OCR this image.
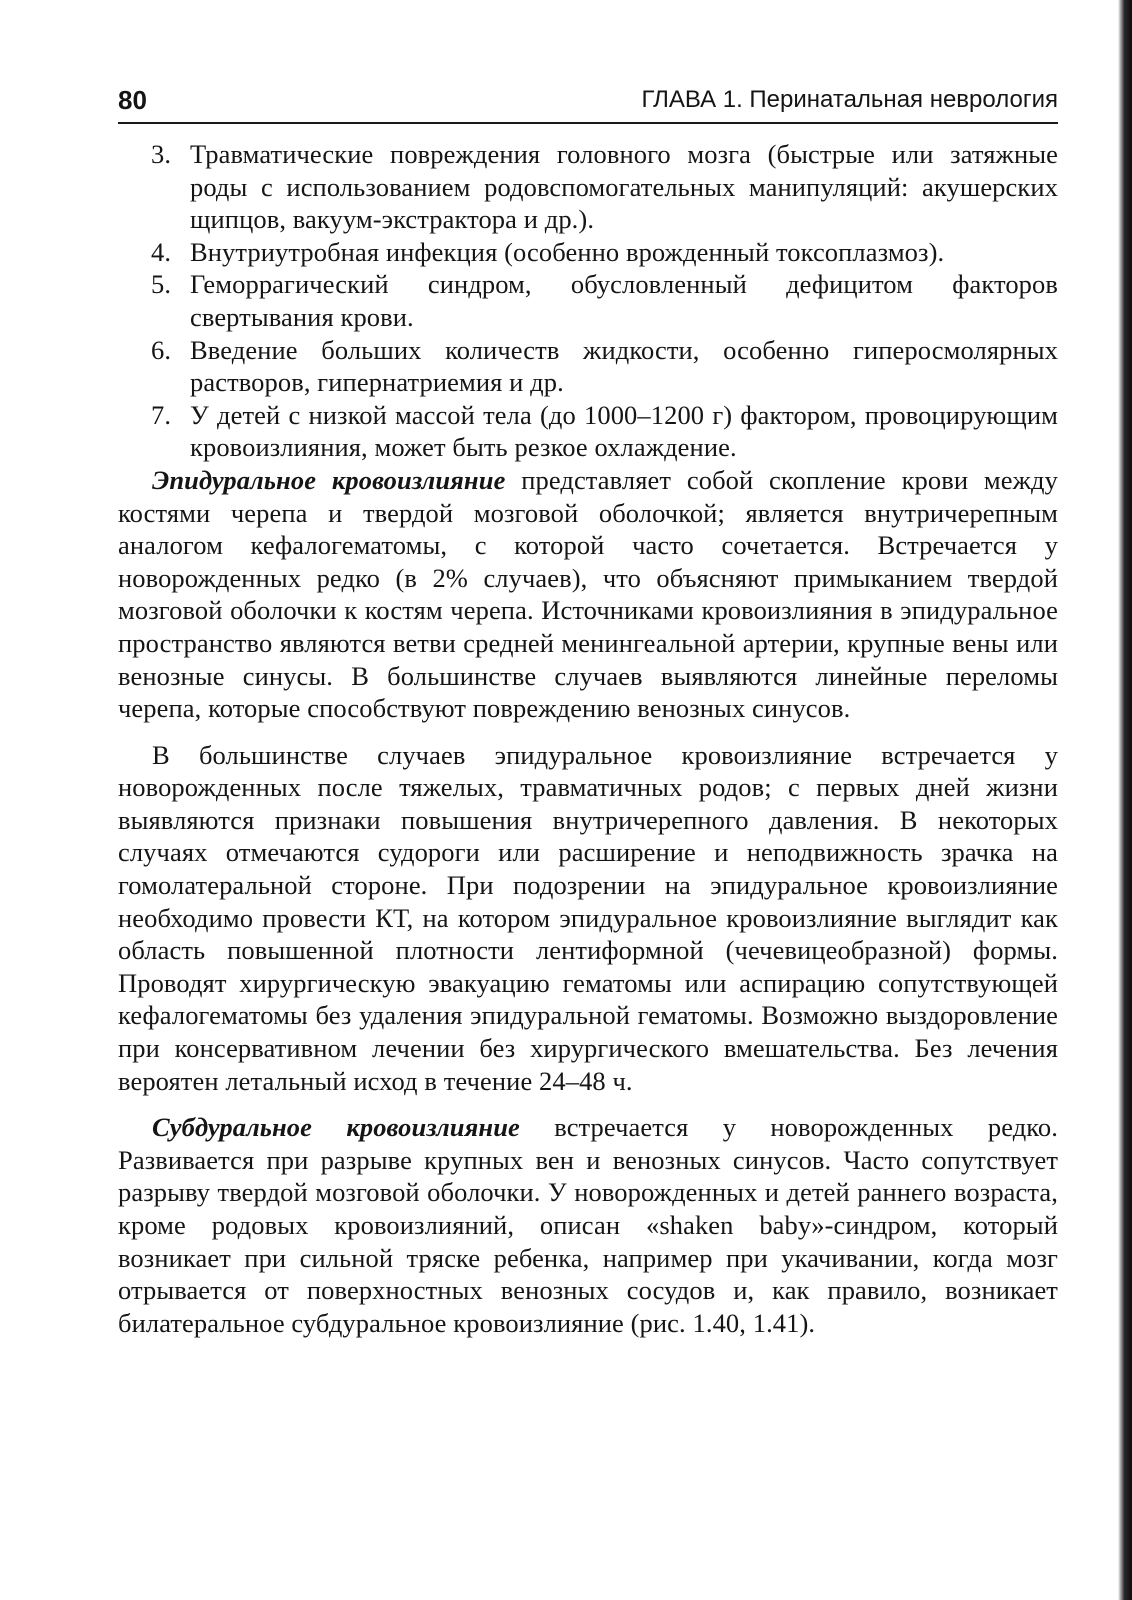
80	ГЛАВА 1. Перинатальная неврология
3. Травматические повреждения головного мозга (быстрые или затяжные роды с использованием родовспомогательных манипуляций: акушерских щипцов, вакуум-экстрактора и др.).
4. Внутриутробная инфекция (особенно врожденный токсоплазмоз).
5. Геморрагический синдром, обусловленный дефицитом факторов свертывания крови.
6. Введение больших количеств жидкости, особенно гиперосмолярных растворов, гипернатриемия и др.
7. У детей с низкой массой тела (до 1000–1200 г) фактором, провоцирующим кровоизлияния, может быть резкое охлаждение.

Эпидуральное кровоизлияние представляет собой скопление крови между костями черепа и твердой мозговой оболочкой; является внутричерепным аналогом кефалогематомы, с которой часто сочетается. Встречается у новорожденных редко (в 2% случаев), что объясняют примыканием твердой мозговой оболочки к костям черепа. Источниками кровоизлияния в эпидуральное пространство являются ветви средней менингеальной артерии, крупные вены или венозные синусы. В большинстве случаев выявляются линейные переломы черепа, которые способствуют повреждению венозных синусов.

В большинстве случаев эпидуральное кровоизлияние встречается у новорожденных после тяжелых, травматичных родов; с первых дней жизни выявляются признаки повышения внутричерепного давления. В некоторых случаях отмечаются судороги или расширение и неподвижность зрачка на гомолатеральной стороне. При подозрении на эпидуральное кровоизлияние необходимо провести КТ, на котором эпидуральное кровоизлияние выглядит как область повышенной плотности лентиформной (чечевицеобразной) формы. Проводят хирургическую эвакуацию гематомы или аспирацию сопутствующей кефалогематомы без удаления эпидуральной гематомы. Возможно выздоровление при консервативном лечении без хирургического вмешательства. Без лечения вероятен летальный исход в течение 24–48 ч.

Субдуральное кровоизлияние встречается у новорожденных редко. Развивается при разрыве крупных вен и венозных синусов. Часто сопутствует разрыву твердой мозговой оболочки. У новорожденных и детей раннего возраста, кроме родовых кровоизлияний, описан «shaken baby»-синдром, который возникает при сильной тряске ребенка, например при укачивании, когда мозг отрывается от поверхностных венозных сосудов и, как правило, возникает билатеральное субдуральное кровоизлияние (рис. 1.40, 1.41).
